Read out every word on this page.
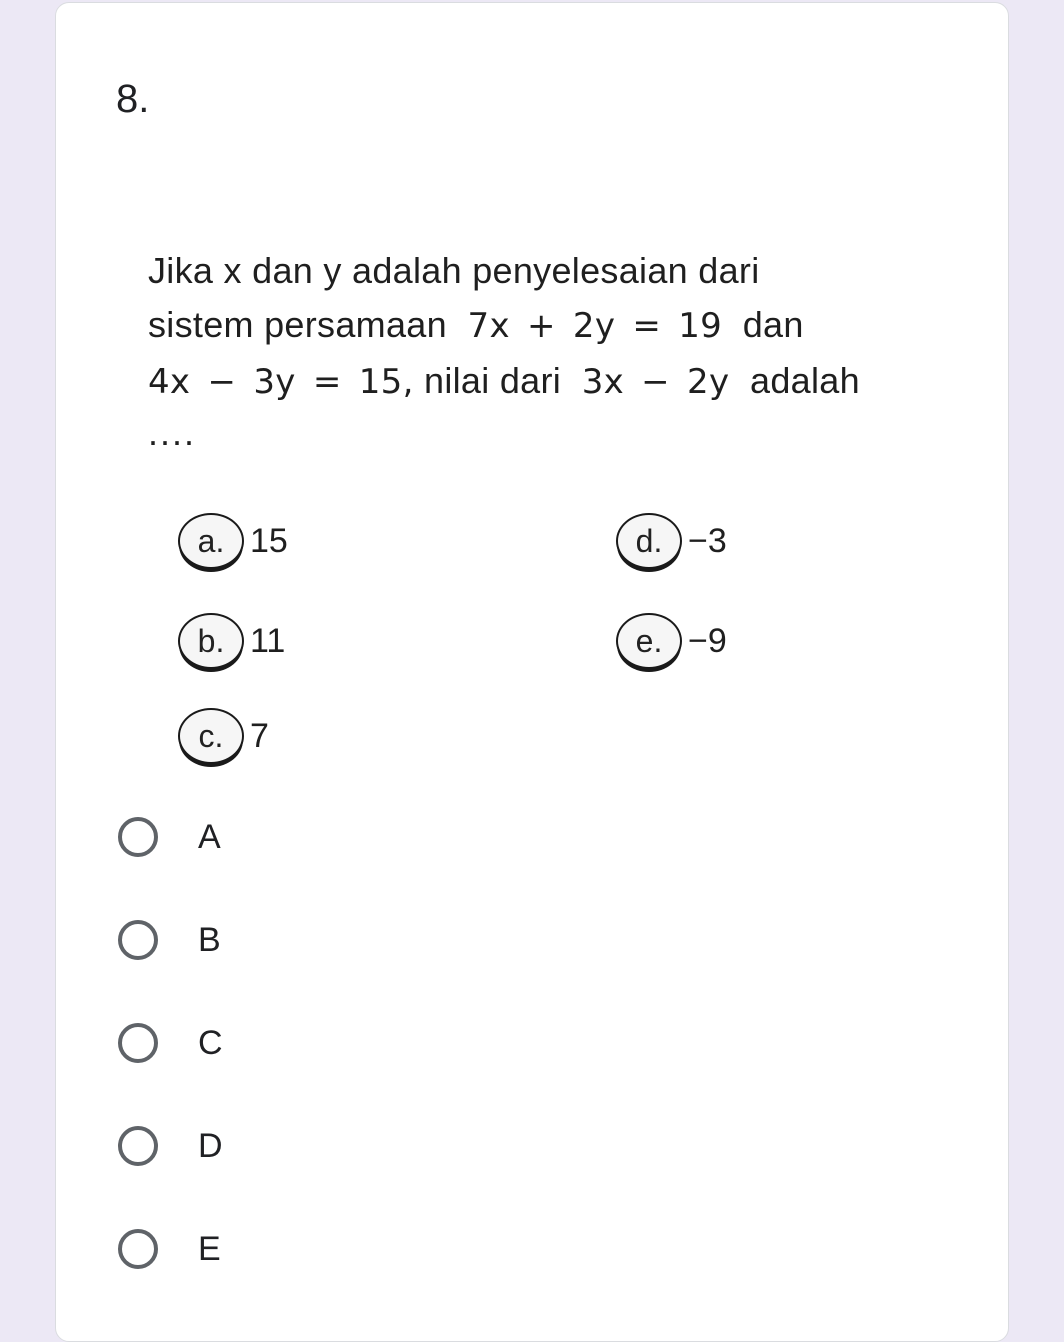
8.
Jika x dan y adalah penyelesaian dari
sistem persamaan 7x + 2y = 19 dan
4x − 3y = 15, nilai dari 3x − 2y adalah
....
a. 15
b. 11
c. 7
d. −3
e. −9
A
B
C
D
E
